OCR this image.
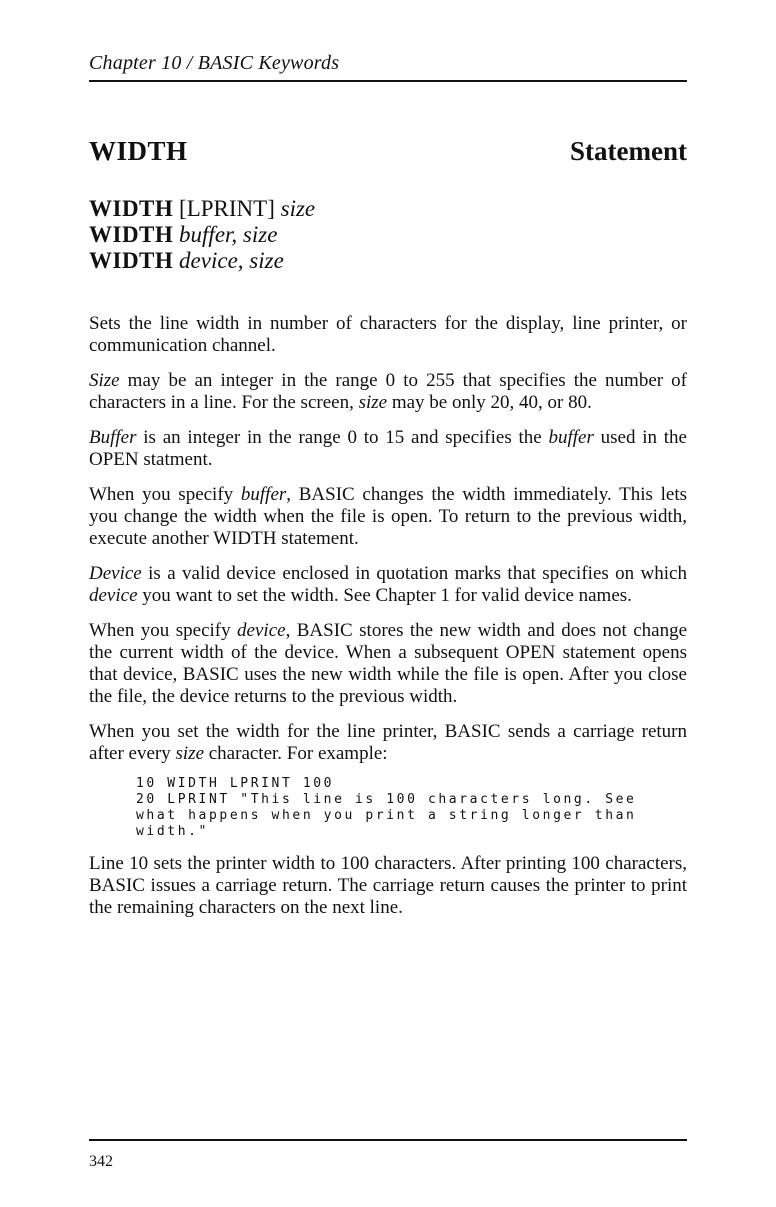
Chapter 10 / BASIC Keywords
WIDTH	Statement
WIDTH [LPRINT] size
WIDTH buffer, size
WIDTH device, size

Sets the line width in number of characters for the display, line printer, or communication channel.

Size may be an integer in the range 0 to 255 that specifies the number of characters in a line. For the screen, size may be only 20, 40, or 80.

Buffer is an integer in the range 0 to 15 and specifies the buffer used in the OPEN statment.

When you specify buffer, BASIC changes the width immediately. This lets you change the width when the file is open. To return to the previous width, execute another WIDTH statement.

Device is a valid device enclosed in quotation marks that specifies on which device you want to set the width. See Chapter 1 for valid device names.

When you specify device, BASIC stores the new width and does not change the current width of the device. When a subsequent OPEN statement opens that device, BASIC uses the new width while the file is open. After you close the file, the device returns to the previous width.

When you set the width for the line printer, BASIC sends a carriage return after every size character. For example:

10 WIDTH LPRINT 100
20 LPRINT "This line is 100 characters long. See what happens when you print a string longer than width."

Line 10 sets the printer width to 100 characters. After printing 100 characters, BASIC issues a carriage return. The carriage return causes the printer to print the remaining characters on the next line.

342
